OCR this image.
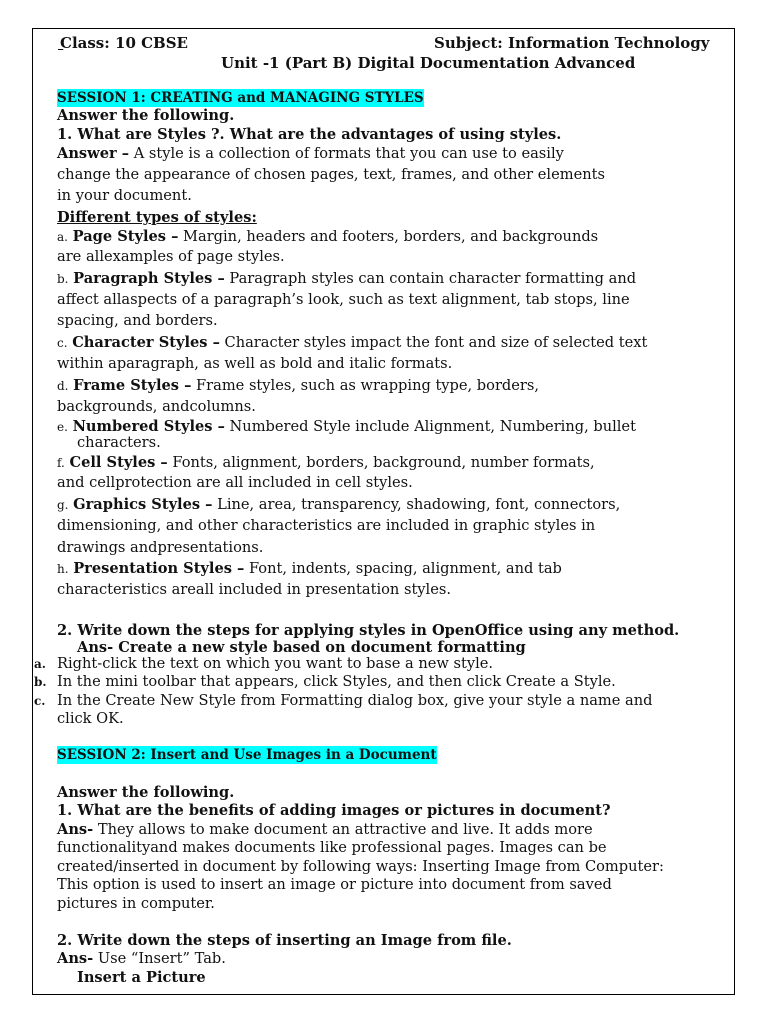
Class: 10 CBSE	Subject: Information Technology
Unit -1 (Part B) Digital Documentation Advanced
SESSION 1: CREATING and MANAGING STYLES
Answer the following.
1. What are Styles ?. What are the advantages of using styles.
Answer – A style is a collection of formats that you can use to easily
change the appearance of chosen pages, text, frames, and other elements
in your document.
Different types of styles:
a. Page Styles – Margin, headers and footers, borders, and backgrounds
are allexamples of page styles.
b. Paragraph Styles – Paragraph styles can contain character formatting and
affect allaspects of a paragraph’s look, such as text alignment, tab stops, line
spacing, and borders.
c. Character Styles – Character styles impact the font and size of selected text
within aparagraph, as well as bold and italic formats.
d. Frame Styles – Frame styles, such as wrapping type, borders,
backgrounds, andcolumns.
e. Numbered Styles – Numbered Style include Alignment, Numbering, bullet
characters.
f. Cell Styles – Fonts, alignment, borders, background, number formats,
and cellprotection are all included in cell styles.
g. Graphics Styles – Line, area, transparency, shadowing, font, connectors,
dimensioning, and other characteristics are included in graphic styles in
drawings andpresentations.
h. Presentation Styles – Font, indents, spacing, alignment, and tab
characteristics areall included in presentation styles.
2. Write down the steps for applying styles in OpenOffice using any method.
Ans- Create a new style based on document formatting
a. Right-click the text on which you want to base a new style.
b. In the mini toolbar that appears, click Styles, and then click Create a Style.
c. In the Create New Style from Formatting dialog box, give your style a name and
click OK.
SESSION 2: Insert and Use Images in a Document
Answer the following.
1. What are the benefits of adding images or pictures in document?
Ans- They allows to make document an attractive and live. It adds more
functionalityand makes documents like professional pages. Images can be
created/inserted in document by following ways: Inserting Image from Computer:
This option is used to insert an image or picture into document from saved
pictures in computer.
2. Write down the steps of inserting an Image from file.
Ans- Use “Insert” Tab.
Insert a Picture
